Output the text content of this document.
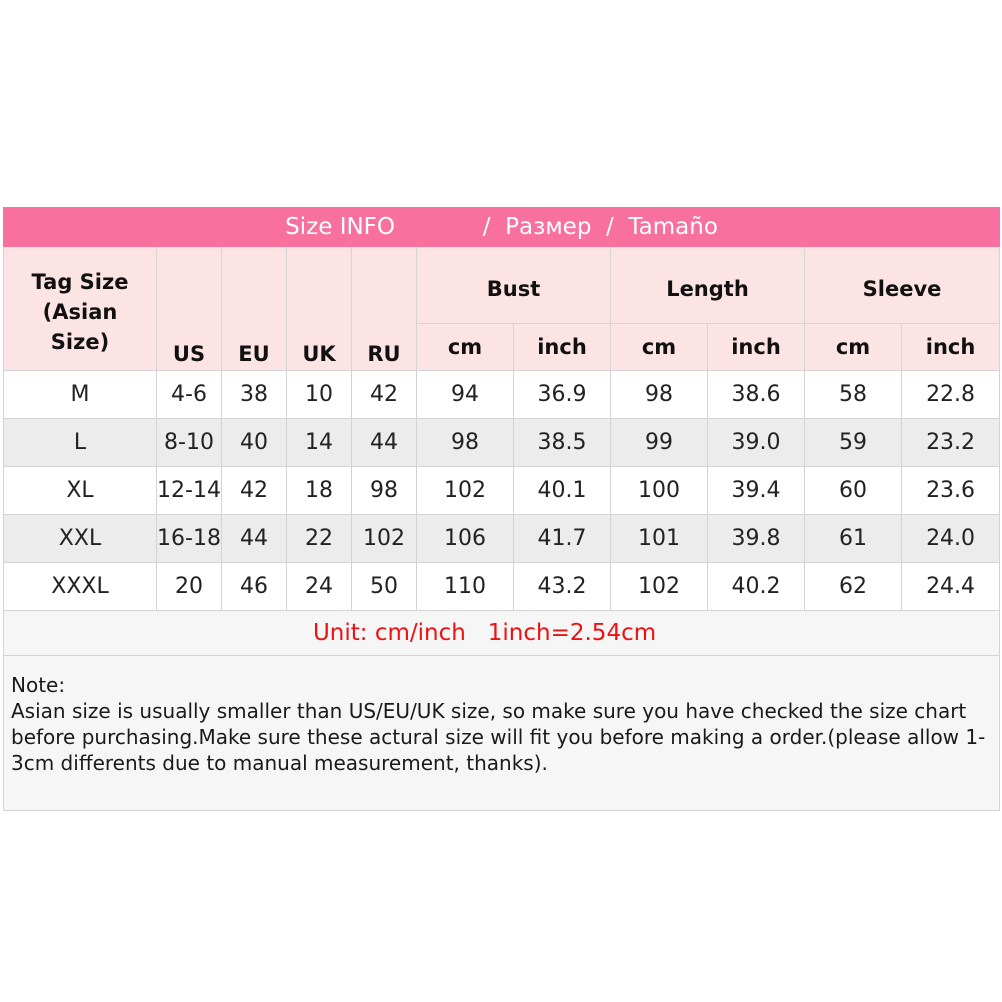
Size INFO /  Размер  /  Tamaño										

Tag Size
(Asian
Size)	US	EU	UK	RU	Bust		Length		Sleeve	
					cm	inch	cm	inch	cm	inch
M	4-6	38	10	42	94	36.9	98	38.6	58	22.8
L	8-10	40	14	44	98	38.5	99	39.0	59	23.2
XL	12-14	42	18	98	102	40.1	100	39.4	60	23.6
XXL	16-18	44	22	102	106	41.7	101	39.8	61	24.0
XXXL	20	46	24	50	110	43.2	102	40.2	62	24.4
Unit: cm/inch   1inch=2.54cm										

Note:

Asian size is usually smaller than US/EU/UK size, so make sure you have checked the size chart before purchasing.Make sure these actural size will fit you before making a order.(please allow 1-3cm differents due to manual measurement, thanks).										
